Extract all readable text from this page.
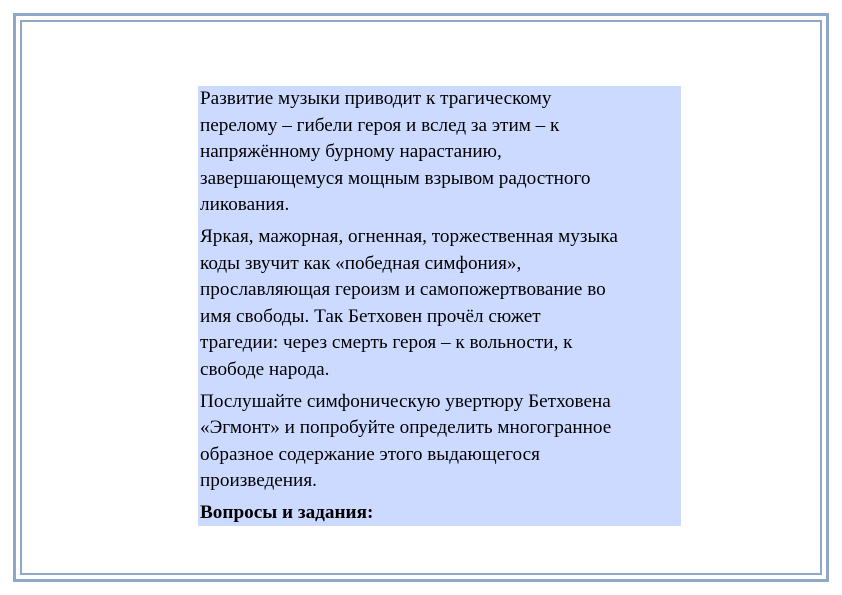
Развитие музыки приводит к трагическому
перелому – гибели героя и вслед за этим – к
напряжённому бурному нарастанию,
завершающемуся мощным взрывом радостного
ликования.

Яркая, мажорная, огненная, торжественная музыка
коды звучит как «победная симфония»,
прославляющая героизм и самопожертвование во
имя свободы. Так Бетховен прочёл сюжет
трагедии: через смерть героя – к вольности, к
свободе народа.

Послушайте симфоническую увертюру Бетховена
«Эгмонт» и попробуйте определить многогранное
образное содержание этого выдающегося
произведения.

Вопросы и задания:
